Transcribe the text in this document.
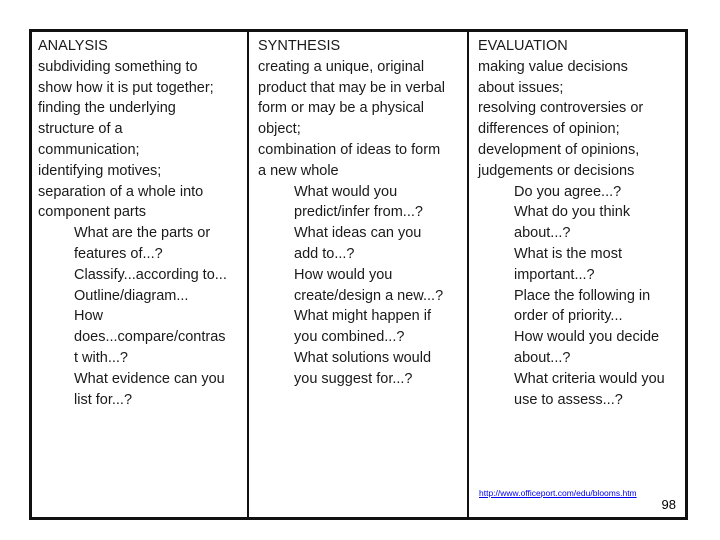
ANALYSIS

subdividing something to

show how it is put together;

finding the underlying

structure of a

communication;

identifying motives;

separation of a whole into

component parts

What are the parts or

features of...?

Classify...according to...

Outline/diagram...

How

does...compare/contras

t with...?

What evidence can you

list for...?

SYNTHESIS

creating a unique, original

product that may be in verbal

form or may be a physical

object;

combination of ideas to form

a new whole

What would you

predict/infer from...?

What ideas can you

add to...?

How would you

create/design a new...?

What might happen if

you combined...?

What solutions would

you suggest for...?

EVALUATION

making value decisions

about issues;

resolving controversies or

differences of opinion;

development of opinions,

judgements or decisions

Do you agree...?

What do you think

about...?

What is the most

important...?

Place the following in

order of priority...

How would you decide

about...?

What criteria would you

use to assess...?

http://www.officeport.com/edu/blooms.htm
98
